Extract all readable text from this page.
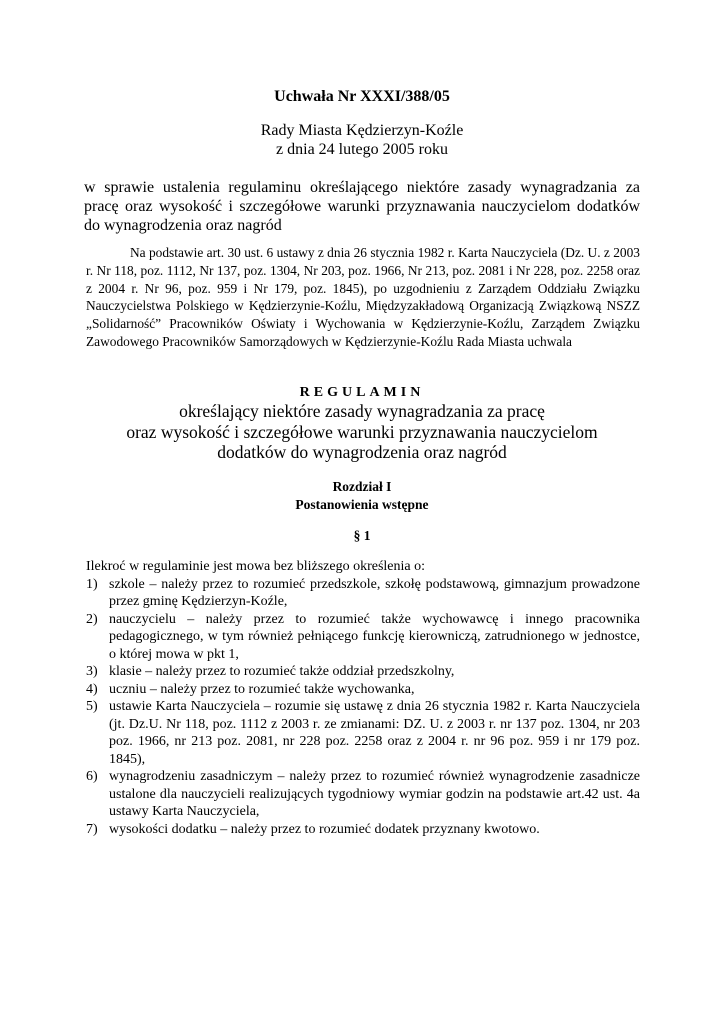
Uchwała Nr XXXI/388/05

Rady Miasta Kędzierzyn-Koźle
z dnia 24 lutego 2005 roku

w sprawie ustalenia regulaminu określającego niektóre zasady wynagradzania za pracę oraz wysokość i szczegółowe warunki przyznawania nauczycielom dodatków do wynagrodzenia oraz nagród

Na podstawie art. 30 ust. 6 ustawy z dnia 26 stycznia 1982 r. Karta Nauczyciela (Dz. U. z 2003 r. Nr 118, poz. 1112, Nr 137, poz. 1304, Nr 203, poz. 1966, Nr 213, poz. 2081 i Nr 228, poz. 2258 oraz z 2004 r. Nr 96, poz. 959 i Nr 179, poz. 1845), po uzgodnieniu z Zarządem Oddziału Związku Nauczycielstwa Polskiego w Kędzierzynie-Koźlu, Międzyzakładową Organizacją Związkową NSZZ „Solidarność” Pracowników Oświaty i Wychowania w Kędzierzynie-Koźlu, Zarządem Związku Zawodowego Pracowników Samorządowych w Kędzierzynie-Koźlu Rada Miasta uchwala

REGULAMIN

określający niektóre zasady wynagradzania za pracę
oraz wysokość i szczegółowe warunki przyznawania nauczycielom
dodatków do wynagrodzenia oraz nagród
Rozdział I
Postanowienia wstępne

§ 1

Ilekroć w regulaminie jest mowa bez bliższego określenia o:

1) szkole – należy przez to rozumieć przedszkole, szkołę podstawową, gimnazjum prowadzone przez gminę Kędzierzyn-Koźle,
2) nauczycielu – należy przez to rozumieć także wychowawcę i innego pracownika pedagogicznego, w tym również pełniącego funkcję kierowniczą, zatrudnionego w jednostce, o której mowa w pkt 1,
3) klasie – należy przez to rozumieć także oddział przedszkolny,
4) uczniu – należy przez to rozumieć także wychowanka,
5) ustawie Karta Nauczyciela – rozumie się ustawę z dnia 26 stycznia 1982 r. Karta Nauczyciela (jt. Dz.U. Nr 118, poz. 1112 z 2003 r. ze zmianami: DZ. U. z 2003 r. nr 137 poz. 1304, nr 203 poz. 1966, nr 213 poz. 2081, nr 228 poz. 2258 oraz z 2004 r. nr 96 poz. 959 i nr 179 poz. 1845),
6) wynagrodzeniu zasadniczym – należy przez to rozumieć również wynagrodzenie zasadnicze ustalone dla nauczycieli realizujących tygodniowy wymiar godzin na podstawie art.42 ust. 4a ustawy Karta Nauczyciela,
7) wysokości dodatku – należy przez to rozumieć dodatek przyznany kwotowo.
